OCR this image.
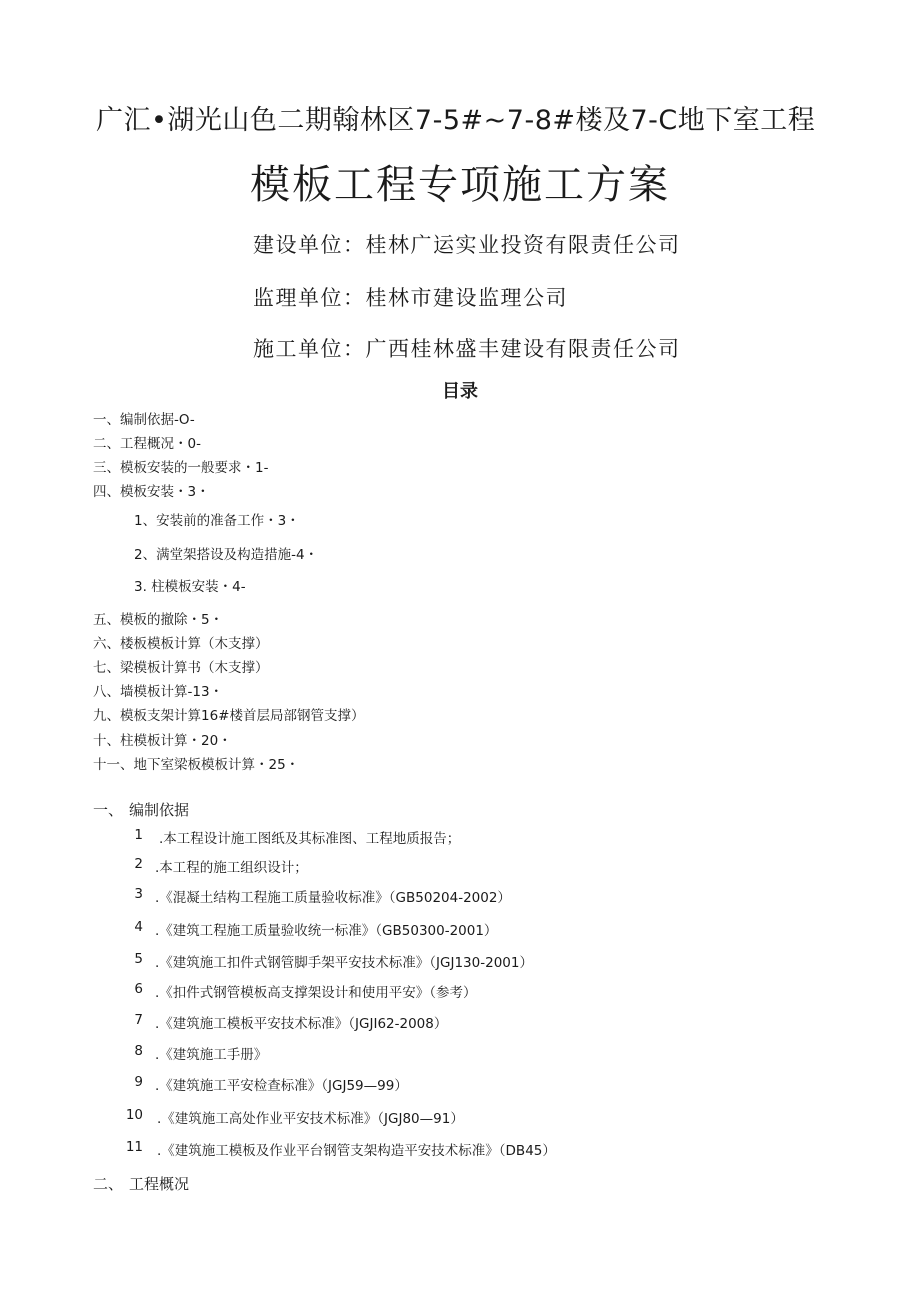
广汇•湖光山色二期翰林区7-5#~7-8#楼及7-C地下室工程
模板工程专项施工方案
建设单位：桂林广运实业投资有限责任公司
监理单位：桂林市建设监理公司
施工单位：广西桂林盛丰建设有限责任公司
目录
一、编制依据-O-
二、工程概况・0-
三、模板安装的一般要求・1-
四、模板安装・3・
1、安装前的准备工作・3・
2、满堂架搭设及构造措施-4・
3. 柱模板安装・4-
五、模板的撤除・5・
六、楼板模板计算（木支撑）
七、梁模板计算书（木支撑）
八、墙模板计算-13・
九、模板支架计算16#楼首层局部钢管支撑）
十、柱模板计算・20・
十一、地下室梁板模板计算・25・
一、 编制依据
1 .本工程设计施工图纸及其标准图、工程地质报告；
2 .本工程的施工组织设计；
3 .《混凝土结构工程施工质量验收标准》（GB50204-2002）
4 .《建筑工程施工质量验收统一标准》（GB50300-2001）
5 .《建筑施工扣件式钢管脚手架平安技术标准》（JGJ130-2001）
6 .《扣件式钢管模板高支撑架设计和使用平安》（参考）
7 .《建筑施工模板平安技术标准》（JGJI62-2008）
8 .《建筑施工手册》
9 .《建筑施工平安检查标准》（JGJ59—99）
10 .《建筑施工高处作业平安技术标准》（JGJ80—91）
11 .《建筑施工模板及作业平台钢管支架构造平安技术标准》（DB45）
二、 工程概况
